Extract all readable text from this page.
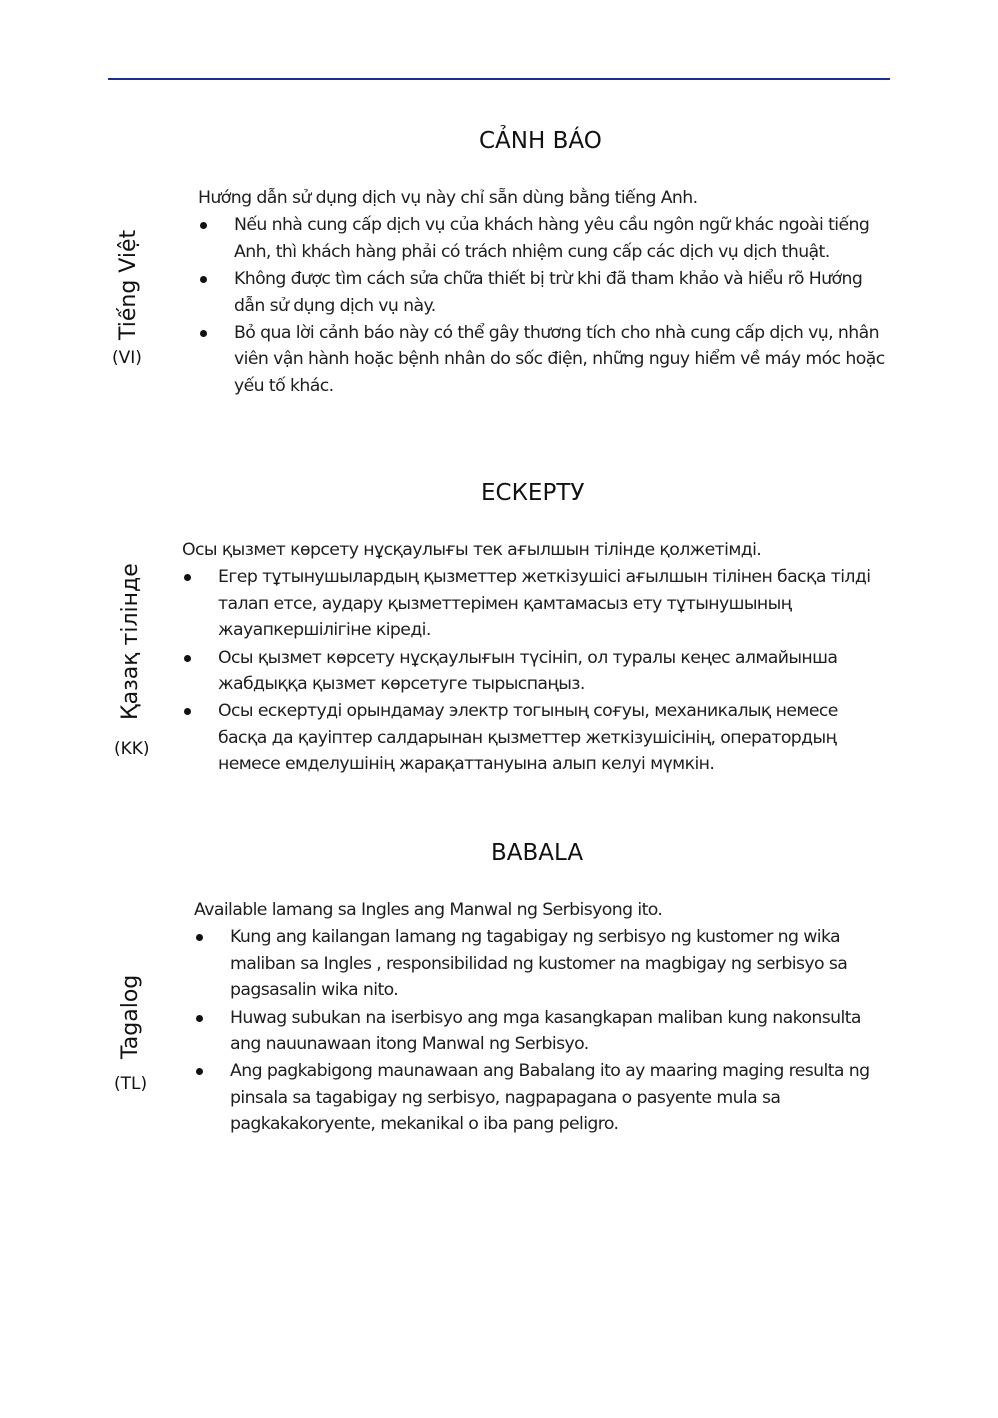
Tiếng Việt
(VI)
CẢNH BÁO

Hướng dẫn sử dụng dịch vụ này chỉ sẵn dùng bằng tiếng Anh.

Nếu nhà cung cấp dịch vụ của khách hàng yêu cầu ngôn ngữ khác ngoài tiếng Anh, thì khách hàng phải có trách nhiệm cung cấp các dịch vụ dịch thuật.
Không được tìm cách sửa chữa thiết bị trừ khi đã tham khảo và hiểu rõ Hướng dẫn sử dụng dịch vụ này.
Bỏ qua lời cảnh báo này có thể gây thương tích cho nhà cung cấp dịch vụ, nhân viên vận hành hoặc bệnh nhân do sốc điện, những nguy hiểm về máy móc hoặc yếu tố khác.
Қазақ тілінде
(KK)
ЕСКЕРТУ

Осы қызмет көрсету нұсқаулығы тек ағылшын тілінде қолжетімді.

Егер тұтынушылардың қызметтер жеткізушісі ағылшын тілінен басқа тілді талап етсе, аудару қызметтерімен қамтамасыз ету тұтынушының жауапкершілігіне кіреді.
Осы қызмет көрсету нұсқаулығын түсініп, ол туралы кеңес алмайынша жабдыққа қызмет көрсетуге тырыспаңыз.
Осы ескертуді орындамау электр тогының соғуы, механикалық немесе басқа да қауіптер салдарынан қызметтер жеткізушісінің, оператордың немесе емделушінің жарақаттануына алып келуі мүмкін.
Tagalog
(TL)
BABALA

Available lamang sa Ingles ang Manwal ng Serbisyong ito.

Kung ang kailangan lamang ng tagabigay ng serbisyo ng kustomer ng wika maliban sa Ingles , responsibilidad ng kustomer na magbigay ng serbisyo sa pagsasalin wika nito.
Huwag subukan na iserbisyo ang mga kasangkapan maliban kung nakonsulta ang nauunawaan itong Manwal ng Serbisyo.
Ang pagkabigong maunawaan ang Babalang ito ay maaring maging resulta ng pinsala sa tagabigay ng serbisyo, nagpapagana o pasyente mula sa pagkakakoryente, mekanikal o iba pang peligro.
